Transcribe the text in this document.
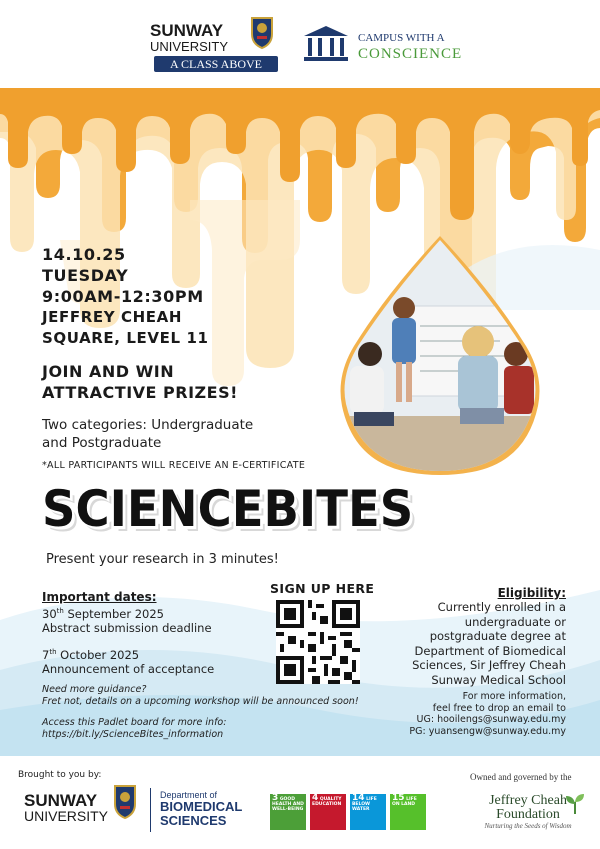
SUNWAY
UNIVERSITY
A CLASS ABOVE
CAMPUS WITH A
CONSCIENCE
14.10.25
TUESDAY
9:00AM-12:30PM
JEFFREY CHEAH
SQUARE, LEVEL 11
JOIN AND WIN
ATTRACTIVE PRIZES!
Two categories: Undergraduate
and Postgraduate
*ALL PARTICIPANTS WILL RECEIVE AN E-CERTIFICATE
SCIENCEBITES
Present your research in 3 minutes!
Important dates:
30th September 2025
Abstract submission deadline
7th October 2025
Announcement of acceptance
Need more guidance?
Fret not, details on a upcoming workshop will be announced soon!
Access this Padlet board for more info:
https://bit.ly/ScienceBites_information
SIGN UP HERE	Eligibility:
Currently enrolled in a
undergraduate or
postgraduate degree at
Department of Biomedical
Sciences, Sir Jeffrey Cheah
Sunway Medical School
For more information,
feel free to drop an email to
UG: hooilengs@sunway.edu.my
PG: yuansengw@sunway.edu.my
Brought to you by:
SUNWAY
UNIVERSITY
Department of
BIOMEDICAL
SCIENCES
3 GOOD HEALTH AND WELL-BEING
4 QUALITY EDUCATION
14 LIFE BELOW WATER
15 LIFE ON LAND
Owned and governed by the
Jeffrey Cheah
Foundation
Nurturing the Seeds of Wisdom
